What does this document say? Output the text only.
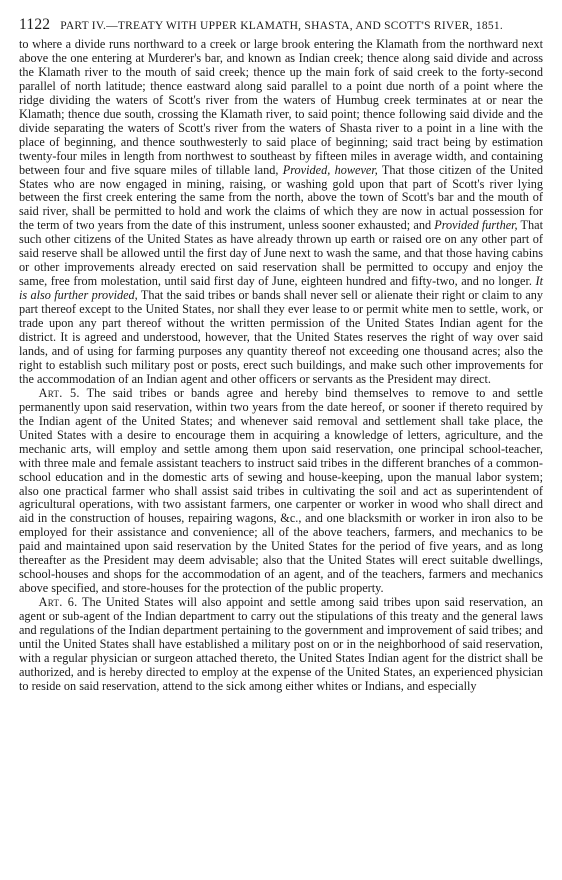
1122 PART IV.—TREATY WITH UPPER KLAMATH, SHASTA, AND SCOTT'S RIVER, 1851.

to where a divide runs northward to a creek or large brook entering the Klamath from the northward next above the one entering at Murderer's bar, and known as Indian creek; thence along said divide and across the Klamath river to the mouth of said creek; thence up the main fork of said creek to the forty-second parallel of north latitude; thence eastward along said parallel to a point due north of a point where the ridge dividing the waters of Scott's river from the waters of Humbug creek terminates at or near the Klamath; thence due south, crossing the Klamath river, to said point; thence following said divide and the divide separating the waters of Scott's river from the waters of Shasta river to a point in a line with the place of beginning, and thence southwesterly to said place of beginning; said tract being by estimation twenty-four miles in length from northwest to southeast by fifteen miles in average width, and containing between four and five square miles of tillable land, Provided, however, That those citizen of the United States who are now engaged in mining, raising, or washing gold upon that part of Scott's river lying between the first creek entering the same from the north, above the town of Scott's bar and the mouth of said river, shall be permitted to hold and work the claims of which they are now in actual possession for the term of two years from the date of this instrument, unless sooner exhausted; and Provided further, That such other citizens of the United States as have already thrown up earth or raised ore on any other part of said reserve shall be allowed until the first day of June next to wash the same, and that those having cabins or other improvements already erected on said reservation shall be permitted to occupy and enjoy the same, free from molestation, until said first day of June, eighteen hundred and fifty-two, and no longer. It is also further provided, That the said tribes or bands shall never sell or alienate their right or claim to any part thereof except to the United States, nor shall they ever lease to or permit white men to settle, work, or trade upon any part thereof without the written permission of the United States Indian agent for the district. It is agreed and understood, however, that the United States reserves the right of way over said lands, and of using for farming purposes any quantity thereof not exceeding one thousand acres; also the right to establish such military post or posts, erect such buildings, and make such other improvements for the accommodation of an Indian agent and other officers or servants as the President may direct.

Art. 5. The said tribes or bands agree and hereby bind themselves to remove to and settle permanently upon said reservation, within two years from the date hereof, or sooner if thereto required by the Indian agent of the United States; and whenever said removal and settlement shall take place, the United States with a desire to encourage them in acquiring a knowledge of letters, agriculture, and the mechanic arts, will employ and settle among them upon said reservation, one principal school-teacher, with three male and female assistant teachers to instruct said tribes in the different branches of a common-school education and in the domestic arts of sewing and house-keeping, upon the manual labor system; also one practical farmer who shall assist said tribes in cultivating the soil and act as superintendent of agricultural operations, with two assistant farmers, one carpenter or worker in wood who shall direct and aid in the construction of houses, repairing wagons, &c., and one blacksmith or worker in iron also to be employed for their assistance and convenience; all of the above teachers, farmers, and mechanics to be paid and maintained upon said reservation by the United States for the period of five years, and as long thereafter as the President may deem advisable; also that the United States will erect suitable dwellings, school-houses and shops for the accommodation of an agent, and of the teachers, farmers and mechanics above specified, and store-houses for the protection of the public property.

Art. 6. The United States will also appoint and settle among said tribes upon said reservation, an agent or sub-agent of the Indian department to carry out the stipulations of this treaty and the general laws and regulations of the Indian department pertaining to the government and improvement of said tribes; and until the United States shall have established a military post on or in the neighborhood of said reservation, with a regular physician or surgeon attached thereto, the United States Indian agent for the district shall be authorized, and is hereby directed to employ at the expense of the United States, an experienced physician to reside on said reservation, attend to the sick among either whites or Indians, and especially
